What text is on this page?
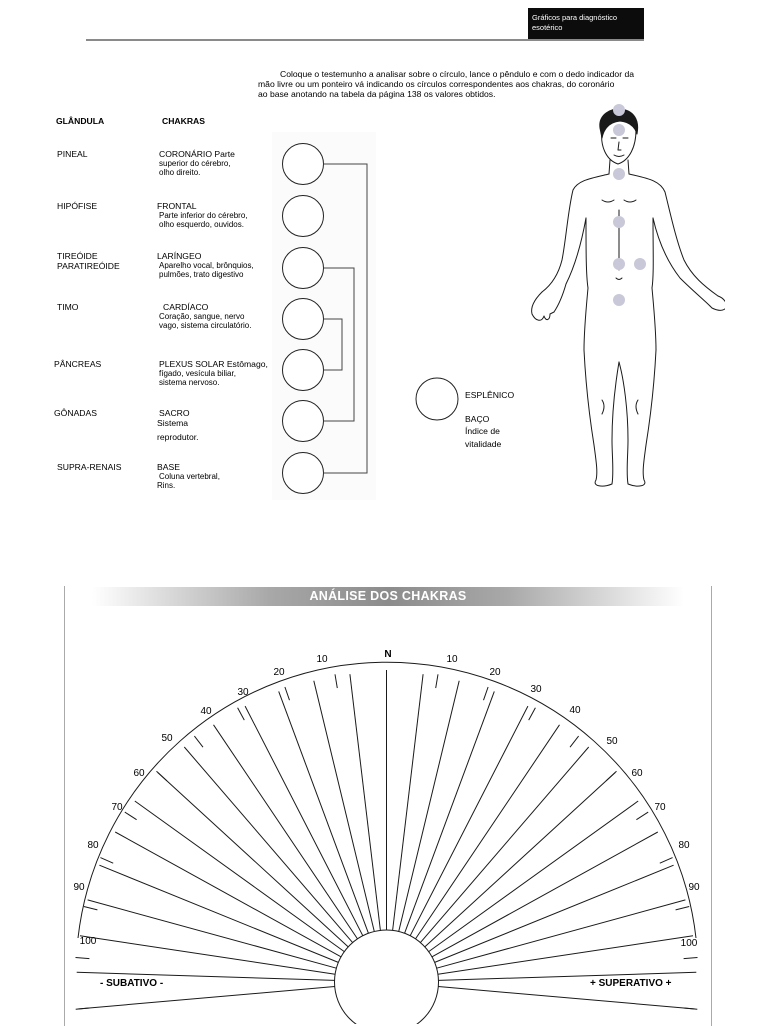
Gráficos para diagnóstico
esotérico
Coloque o testemunho a analisar sobre o círculo, lance o pêndulo e com o dedo indicador da
mão livre ou um ponteiro vá indicando os círculos correspondentes aos chakras, do coronário
ao base anotando na tabela da página 138 os valores obtidos.
GLÂNDULA	CHAKRAS
PINEAL
HIPÓFISE
TIREÓIDE
PARATIREÓIDE
TIMO
PÂNCREAS
GÔNADAS
SUPRA-RENAIS
CORONÁRIO Parte
superior do cérebro,
olho direito.
FRONTAL
Parte inferior do cérebro,
olho esquerdo, ouvidos.
LARÍNGEO
Aparelho vocal, brônquios,
pulmões, trato digestivo
CARDÍACO
Coração, sangue, nervo
vago, sistema circulatório.
PLEXUS SOLAR Estômago,
fígado, vesícula biliar,
sistema nervoso.
SACRO
Sistema
reprodutor.
BASE
Coluna vertebral,
Rins.
ESPLÊNICO
BAÇO
Índice de
vitalidade
ANÁLISE DOS CHAKRAS
N
10
20
30
40
50
60
70
80
90
100
10
20
30
40
50
60
70
80
90
100
- SUBATIVO -	+ SUPERATIVO +
